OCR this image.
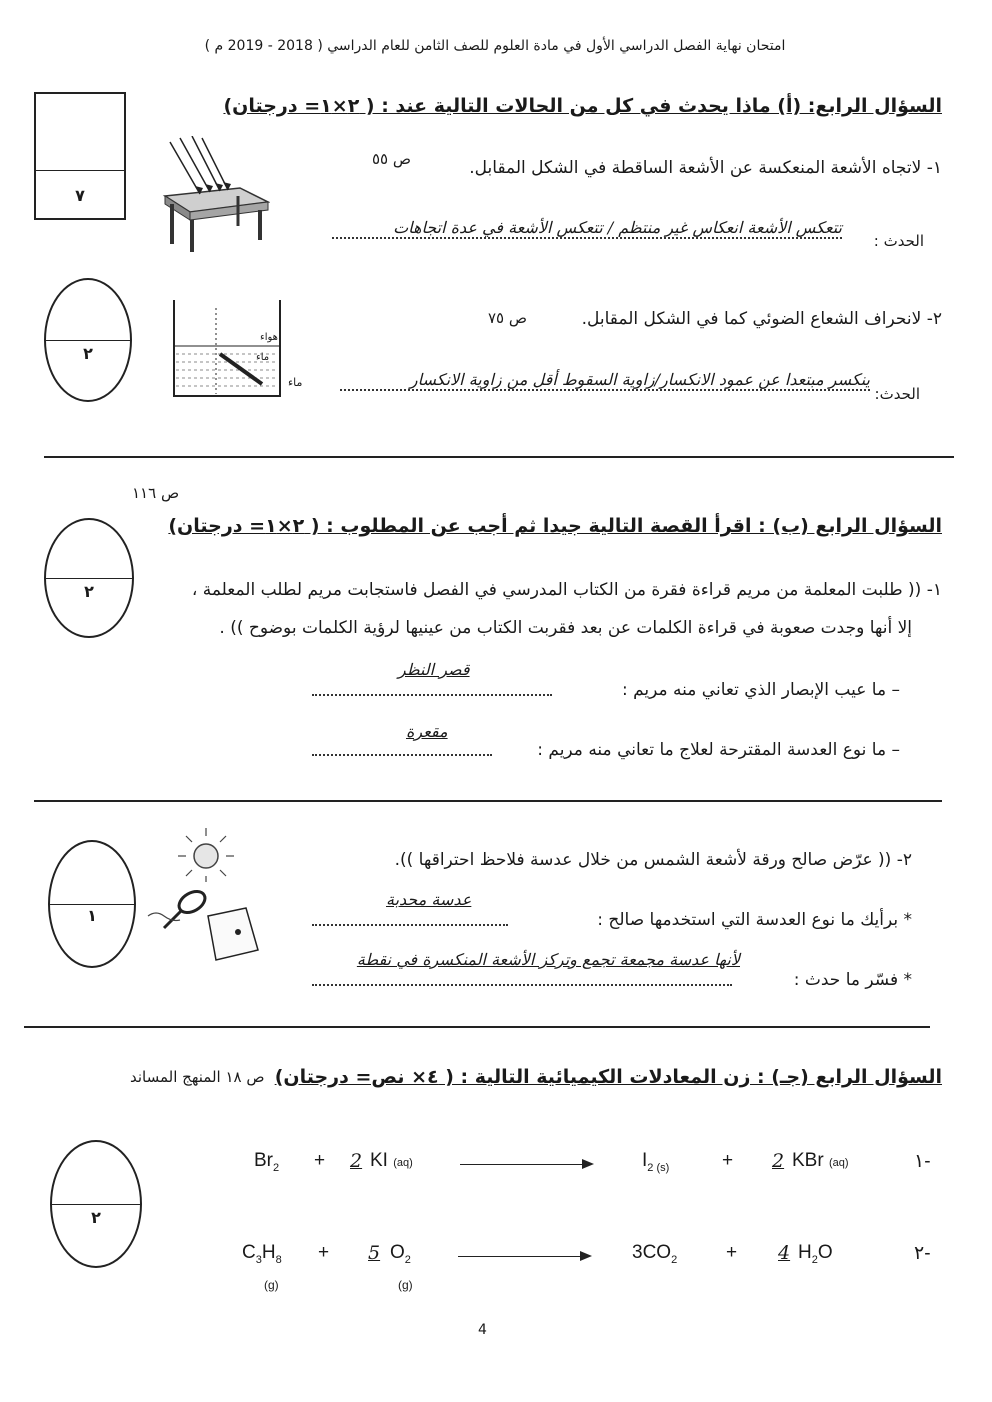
امتحان نهاية الفصل الدراسي الأول في مادة العلوم للصف الثامن للعام الدراسي ( 2018 - 2019 م )
٧
السؤال الرابع: (أ) ماذا يحدث في كل من الحالات التالية عند : ( ٢×١= درجتان)
١- لاتجاه الأشعة المنعكسة عن الأشعة الساقطة في الشكل المقابل.
ص ٥٥
الحدث :
تتعكس الأشعة انعكاس غير منتظم / تتعكس الأشعة في عدة اتجاهات
٢
هواء
ماء
ماء
٢- لانحراف الشعاع الضوئي كما في الشكل المقابل.
ص ٧٥
الحدث:
ينكسر مبتعدا عن عمود الانكسار/زاوية السقوط أقل من زاوية الانكسار
ص ١١٦
السؤال الرابع (ب) : اقرأ القصة التالية جيدا ثم أجب عن المطلوب : ( ٢×١= درجتان)
٢	١- (( طلبت المعلمة من مريم قراءة فقرة من الكتاب المدرسي في الفصل فاستجابت مريم لطلب المعلمة ،
إلا أنها وجدت صعوبة في قراءة الكلمات عن بعد فقربت الكتاب من عينيها لرؤية الكلمات بوضوح )) .
– ما عيب الإبصار الذي تعاني منه مريم :
قصر النظر
– ما نوع العدسة المقترحة لعلاج ما تعاني منه مريم :
مقعرة
١
٢- (( عرّض صالح ورقة لأشعة الشمس من خلال عدسة فلاحظ احتراقها )).
* برأيك ما نوع العدسة التي استخدمها صالح :
عدسة محدبة
* فسّر ما حدث :
لأنها عدسة مجمعة تجمع وتركز الأشعة المنكسرة في نقطة
السؤال الرابع (جـ) : زن المعادلات الكيميائية التالية : ( ٤× نص= درجتان)
ص ١٨ المنهج المساند
٢
$Br_2 + 2$ KI (aq)	$I_{2 (s)}$	+ 2 KBr (aq)	١-
$C_3H_8 + 5$ $O_2$
(g)	(g)
$3CO_2$	+ 4 $H_2O$	٢-
4
